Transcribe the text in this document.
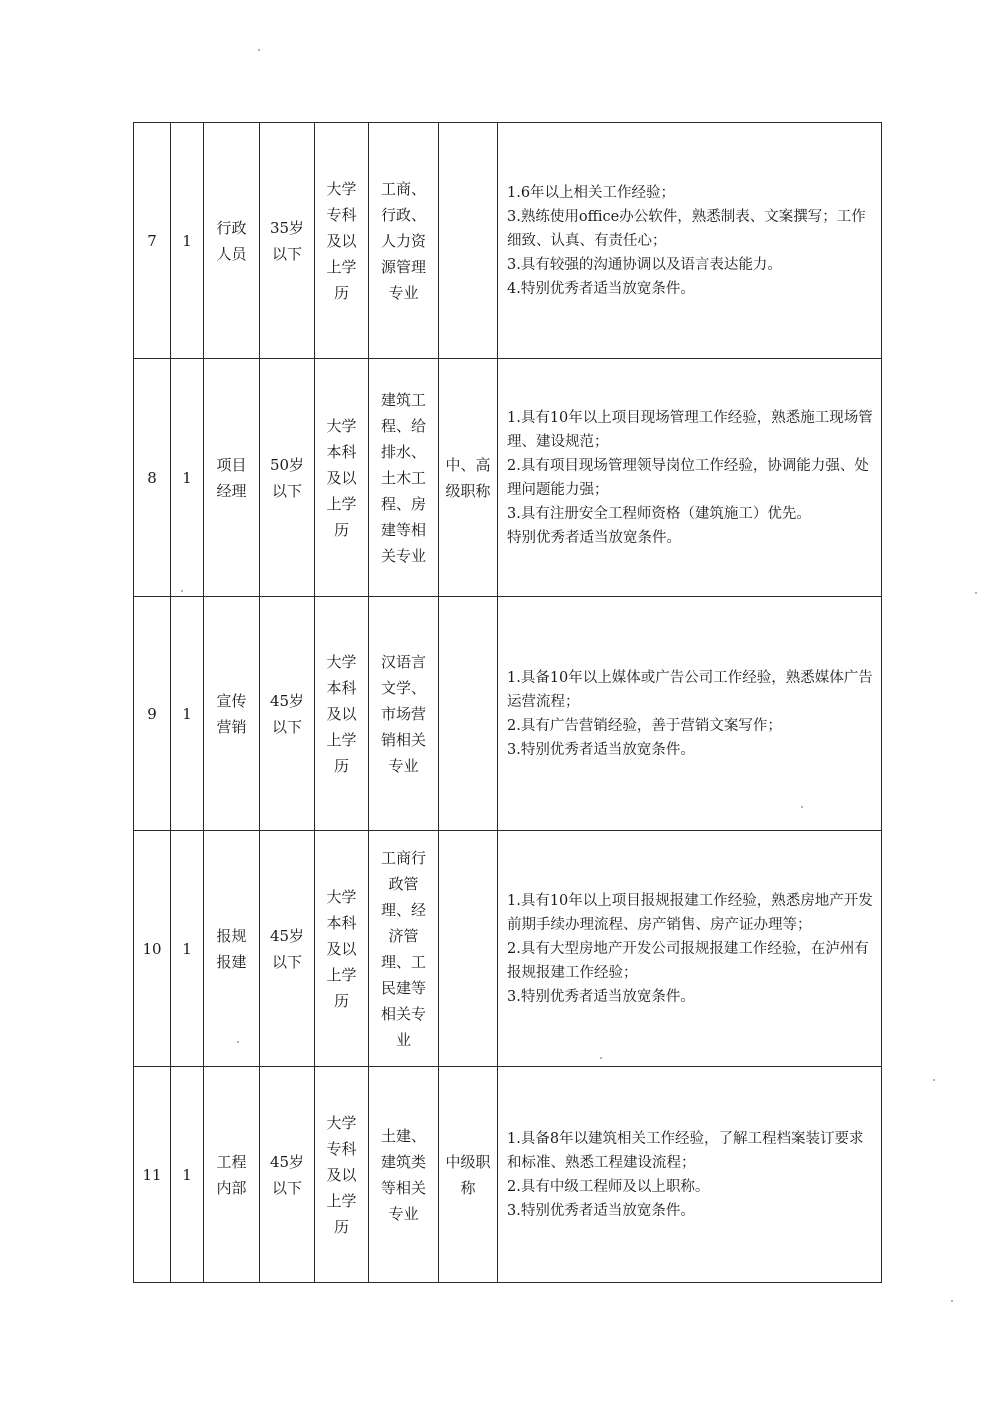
7	1	行政人员	35岁以下	大学专科及以上学历	工商、行政、人力资源管理专业		1.6年以上相关工作经验；
3.熟练使用office办公软件，熟悉制表、文案撰写；工作细致、认真、有责任心；
3.具有较强的沟通协调以及语言表达能力。
4.特别优秀者适当放宽条件。

8	1	项目经理	50岁以下	大学本科及以上学历	建筑工程、给排水、土木工程、房建等相关专业	中、高级职称	1.具有10年以上项目现场管理工作经验，熟悉施工现场管理、建设规范；
2.具有项目现场管理领导岗位工作经验，协调能力强、处理问题能力强；
3.具有注册安全工程师资格（建筑施工）优先。
特别优秀者适当放宽条件。

9	1	宣传营销	45岁以下	大学本科及以上学历	汉语言文学、市场营销相关专业		1.具备10年以上媒体或广告公司工作经验，熟悉媒体广告运营流程；
2.具有广告营销经验，善于营销文案写作；
3.特别优秀者适当放宽条件。

10	1	报规报建	45岁以下	大学本科及以上学历	工商行政管理、经济管理、工民建等相关专业		1.具有10年以上项目报规报建工作经验，熟悉房地产开发前期手续办理流程、房产销售、房产证办理等；
2.具有大型房地产开发公司报规报建工作经验，在泸州有报规报建工作经验；
3.特别优秀者适当放宽条件。

11	1	工程内部	45岁以下	大学专科及以上学历	土建、建筑类等相关专业	中级职称	1.具备8年以建筑相关工作经验，了解工程档案装订要求和标准、熟悉工程建设流程；
2.具有中级工程师及以上职称。
3.特别优秀者适当放宽条件。
